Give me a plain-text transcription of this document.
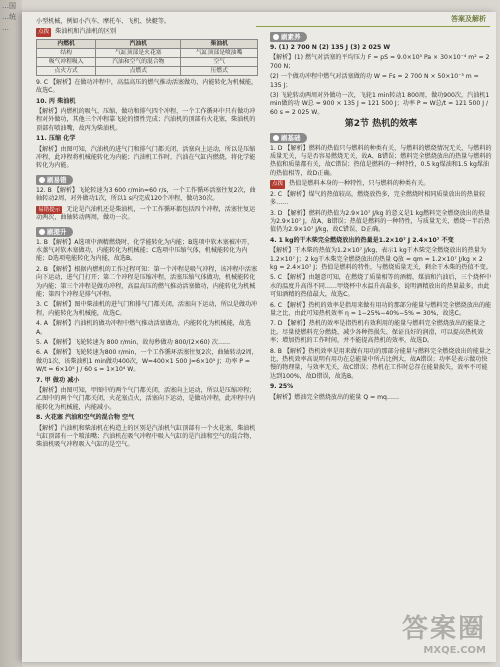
…国
…统
…
答案及解析

小型机械，例如小汽车、摩托车、飞机、快艇等。

点拨 柴油机和汽油机的区别

内燃机	汽油机	柴油机
结构	气缸顶部是火花塞	气缸顶部是喷油嘴
吸气冲程吸入	汽油和空气的混合物	空气
点火方式	点燃式	压燃式

9. C 【解析】在做功冲程中，高温高压的燃气推动活塞做功，内能转化为机械能，故选C。

10. 丙 柴油机

【解析】内燃机的吸气、压缩、做功和排气四个冲程，一个工作循环中只有做功冲程对外做功，其他三个冲程靠飞轮的惯性完成；汽油机的顶部有火花塞，柴油机的顶部有喷油嘴，故丙为柴油机。

11. 压缩 化学

【解析】由图可知，汽油机的进气门和排气门都关闭，活塞向上运动，所以是压缩冲程，此冲程将机械能转化为内能；汽油机工作时，汽油在气缸内燃烧，将化学能转化为内能。

刷易错

12. B 【解析】飞轮转速为3 600 r/min=60 r/s，一个工作循环活塞往复2次，曲轴转动2周，对外做功1次，所以1 s内完成120个冲程，做功30次。

易错提示 无论是汽油机还是柴油机，一个工作循环都包括四个冲程，活塞往复运动两次，曲轴转动两周，做功一次。

刷提升

1. B 【解析】A选项中酒精燃烧时，化学能转化为内能；B选项中软木塞被冲开，水蒸气对软木塞做功，内能转化为机械能；C选项中压缩气体，机械能转化为内能；D选项电能转化为内能，故选B。

2. B 【解析】根据内燃机的工作过程可知：第一个冲程是吸气冲程，该冲程中活塞向下运动，进气门打开；第二个冲程是压缩冲程，活塞压缩气体做功，机械能转化为内能；第三个冲程是做功冲程，高温高压的燃气推动活塞做功，内能转化为机械能；第四个冲程是排气冲程。

3. C 【解析】图中柴油机的进气门和排气门都关闭，活塞向下运动，所以是做功冲程，内能转化为机械能，故选C。

4. A 【解析】汽油机的做功冲程中燃气推动活塞做功，内能转化为机械能，故选A。

5. A 【解析】飞轮转速为 800 r/min，故每秒做功 800/(2×60) 次……

6. A 【解析】飞轮转速为800 r/min，一个工作循环活塞往复2次，曲轴转动2周，做功1次，该柴油机1 min做功400次，W=400×1 500 J=6×10⁵ J；功率 P = W/t = 6×10⁵ J / 60 s = 1×10⁴ W。

7. 甲 做功 减小

【解析】由图可知，甲图中的两个气门都关闭，活塞向上运动，所以是压缩冲程；乙图中的两个气门都关闭，火花塞点火，活塞向下运动，是做功冲程，此冲程中内能转化为机械能，内能减小。

8. 火花塞 汽油和空气的混合物 空气

【解析】汽油机和柴油机在构造上的区别是汽油机气缸顶部有一个火花塞，柴油机气缸顶部有一个喷油嘴；汽油机在吸气冲程中吸入气缸的是汽油和空气的混合物，柴油机吸气冲程吸入气缸的是空气。

刷素养

9. (1) 2 700 N (2) 135 J (3) 2 025 W

【解析】(1) 燃气对活塞的平均压力 F = pS = 9.0×10⁵ Pa × 30×10⁻⁴ m² = 2 700 N；

(2) 一个做功冲程中燃气对活塞做的功 W = Fs = 2 700 N × 50×10⁻³ m = 135 J；

(3) 飞轮转动两周对外做功一次，飞轮1 min转动1 800周，做功900次，汽油机1 min做的功 W总 = 900 × 135 J = 121 500 J；功率 P = W总/t = 121 500 J / 60 s = 2 025 W。

第2节 热机的效率
刷基础

1. D 【解析】燃料的热值只与燃料的种类有关，与燃料的燃烧情况无关，与燃料的质量无关，与是否容易燃烧无关，故A、B错误；燃料完全燃烧放出的热量与燃料的热值和质量都有关，故C错误；热值是燃料的一种特性，0.5 kg煤油和1.5 kg煤油的热值相等，故D正确。

点拨 热值是燃料本身的一种特性，只与燃料的种类有关。

2. C 【解析】煤气的热值较高，燃烧放热多，完全燃烧时相同质量放出的热量较多……

3. D 【解析】燃料的热值为2.9×10⁷ J/kg 的意义是1 kg燃料完全燃烧放出的热量为2.9×10⁷ J，故A、B错误；热值是燃料的一种特性，与质量无关，燃烧一半后热值仍为2.9×10⁷ J/kg，故C错误、D正确。

4. 1 kg的干木柴完全燃烧放出的热量是1.2×10⁷ J 2.4×10⁷ 不变

【解析】干木柴的热值为1.2×10⁷ J/kg，表示1 kg干木柴完全燃烧放出的热量为1.2×10⁷ J；2 kg干木柴完全燃烧放出的热量 Q放 = qm = 1.2×10⁷ J/kg × 2 kg = 2.4×10⁷ J；热值是燃料的特性，与燃烧质量无关，剩余干木柴的热值不变。

5. C 【解析】由题意可知，在燃烧了质量相等的酒精、煤油和汽油后，三个烧杯中水的温度升高得不同……甲烧杯中水温升高最多，说明酒精放出的热量最多，由此可知酒精的热值最大，故选C。

6. C 【解析】热机的效率是指用来做有用功的那部分能量与燃料完全燃烧放出的能量之比，由此可知热机效率 η = 1−25%−40%−5% = 30%，故选C。

7. D 【解析】热机的效率是指热机有效利用的能量与燃料完全燃烧放出的能量之比。尽量使燃料充分燃烧、减少各种热损失、保证良好的润滑，可以提高热机效率；增加热机的工作时间，并不能提高热机的效率，故选D。

8. B 【解析】热机效率是用来做有用功的那部分能量与燃料完全燃烧放出的能量之比，热机效率高说明有用功在总能量中所占比例大，故A错误；功率是表示做功快慢的物理量，与效率无关，故C错误；热机在工作时总存在能量损失，效率不可能达到100%，故D错误，故选B。

9. 25%

【解析】燃油完全燃烧放出的能量 Q = mq……

答案圈
MXQE.COM
